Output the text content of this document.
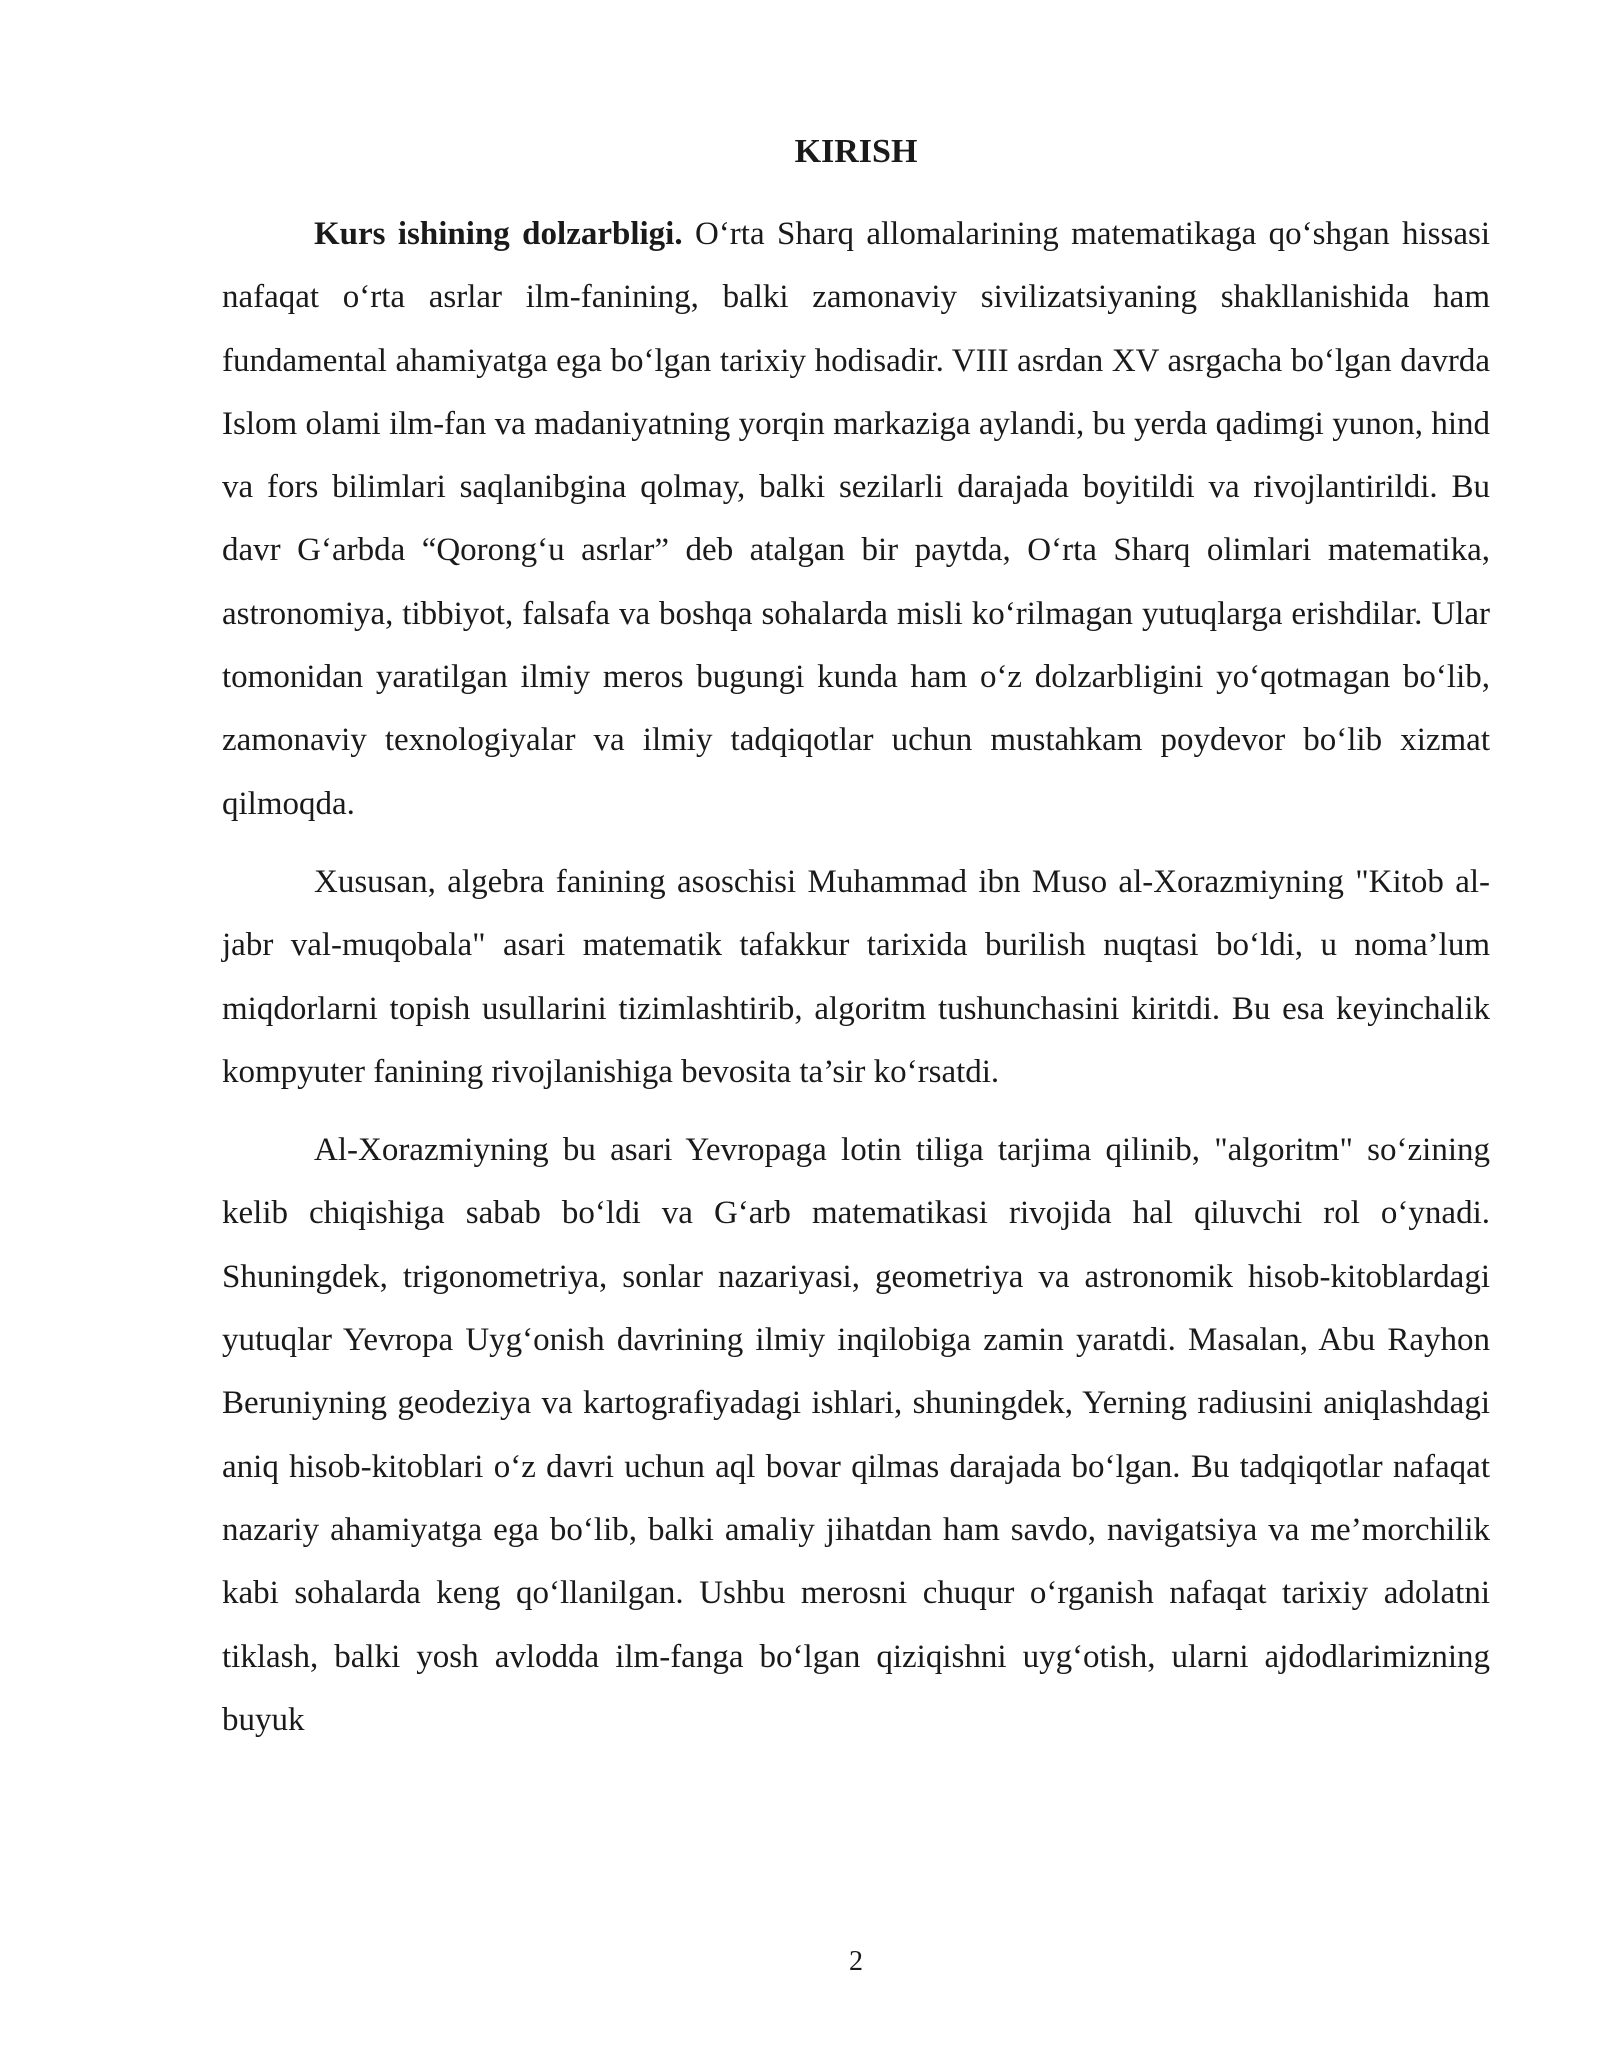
KIRISH

Kurs ishining dolzarbligi. O‘rta Sharq allomalarining matematikaga qo‘shgan hissasi nafaqat o‘rta asrlar ilm-fanining, balki zamonaviy sivilizatsiyaning shakllanishida ham fundamental ahamiyatga ega bo‘lgan tarixiy hodisadir. VIII asrdan XV asrgacha bo‘lgan davrda Islom olami ilm-fan va madaniyatning yorqin markaziga aylandi, bu yerda qadimgi yunon, hind va fors bilimlari saqlanibgina qolmay, balki sezilarli darajada boyitildi va rivojlantirildi. Bu davr G‘arbda “Qorong‘u asrlar” deb atalgan bir paytda, O‘rta Sharq olimlari matematika, astronomiya, tibbiyot, falsafa va boshqa sohalarda misli ko‘rilmagan yutuqlarga erishdilar. Ular tomonidan yaratilgan ilmiy meros bugungi kunda ham o‘z dolzarbligini yo‘qotmagan bo‘lib, zamonaviy texnologiyalar va ilmiy tadqiqotlar uchun mustahkam poydevor bo‘lib xizmat qilmoqda.

Xususan, algebra fanining asoschisi Muhammad ibn Muso al-Xorazmiyning "Kitob al-jabr val-muqobala" asari matematik tafakkur tarixida burilish nuqtasi bo‘ldi, u noma’lum miqdorlarni topish usullarini tizimlashtirib, algoritm tushunchasini kiritdi. Bu esa keyinchalik kompyuter fanining rivojlanishiga bevosita ta’sir ko‘rsatdi.

Al-Xorazmiyning bu asari Yevropaga lotin tiliga tarjima qilinib, "algoritm" so‘zining kelib chiqishiga sabab bo‘ldi va G‘arb matematikasi rivojida hal qiluvchi rol o‘ynadi. Shuningdek, trigonometriya, sonlar nazariyasi, geometriya va astronomik hisob-kitoblardagi yutuqlar Yevropa Uyg‘onish davrining ilmiy inqilobiga zamin yaratdi. Masalan, Abu Rayhon Beruniyning geodeziya va kartografiyadagi ishlari, shuningdek, Yerning radiusini aniqlashdagi aniq hisob-kitoblari o‘z davri uchun aql bovar qilmas darajada bo‘lgan. Bu tadqiqotlar nafaqat nazariy ahamiyatga ega bo‘lib, balki amaliy jihatdan ham savdo, navigatsiya va me’morchilik kabi sohalarda keng qo‘llanilgan. Ushbu merosni chuqur o‘rganish nafaqat tarixiy adolatni tiklash, balki yosh avlodda ilm-fanga bo‘lgan qiziqishni uyg‘otish, ularni ajdodlarimizning buyuk

2
